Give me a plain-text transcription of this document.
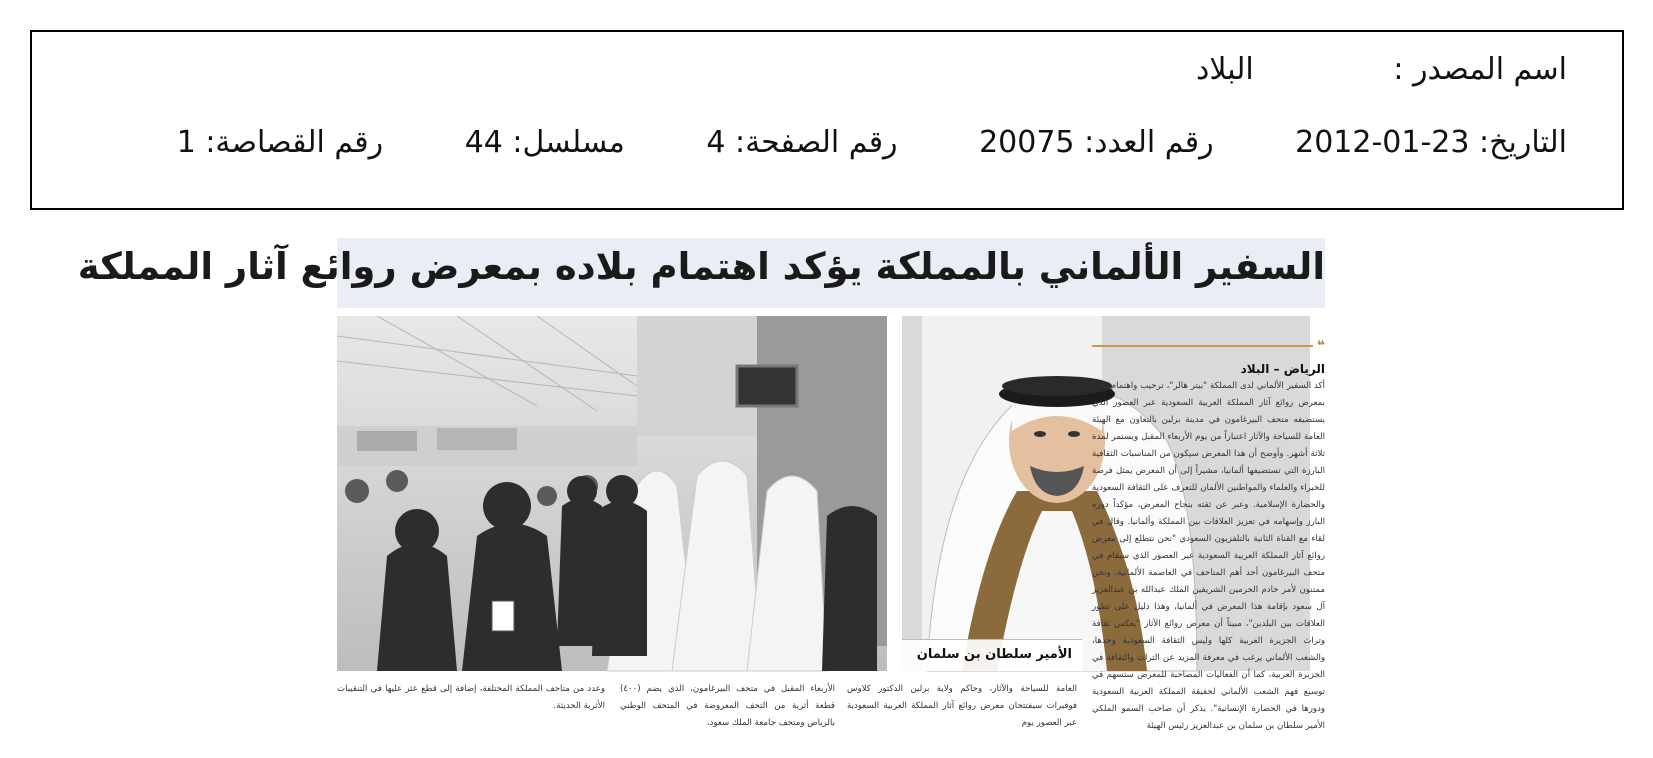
اسم المصدر : البلاد
التاريخ: 2012-01-23 رقم العدد: 20075 رقم الصفحة: 4 مسلسل: 44 رقم القصاصة: 1
السفير الألماني بالمملكة يؤكد اهتمام بلاده بمعرض روائع آثار المملكة
الأمير سلطان بن سلمان
❝
الرياض – البلاد
أكد السفير الألماني لدى المملكة "بيتر هالر"، ترحيب واهتمام بلاده بمعرض روائع آثار المملكة العربية السعودية عبر العصور الذي يستضيفه متحف البيرغامون في مدينة برلين بالتعاون مع الهيئة العامة للسياحة والآثار اعتباراً من يوم الأربعاء المقبل ويستمر لمدة ثلاثة أشهر. وأوضح أن هذا المعرض سيكون من المناسبات الثقافية البارزة التي تستضيفها ألمانيا، مشيراً إلى أن المعرض يمثل فرصة للخبراء والعلماء والمواطنين الألمان للتعرف على الثقافة السعودية والحضارة الإسلامية. وعبر عن ثقته بنجاح المعرض، مؤكداً دوره البارز وإسهامه في تعزيز العلاقات بين المملكة وألمانيا. وقال في لقاء مع القناة الثانية بالتلفزيون السعودي "نحن نتطلع إلى معرض روائع آثار المملكة العربية السعودية عبر العصور الذي سيقام في متحف البيرغامون أحد أهم المتاحف في العاصمة الألمانية. ونحن ممتنون لأمر خادم الحرمين الشريفين الملك عبدالله بن عبدالعزيز آل سعود بإقامة هذا المعرض في ألمانيا، وهذا دليل على تطور العلاقات بين البلدين"، مبيناً أن معرض روائع الآثار "يعكس ثقافة وتراث الجزيرة العربية كلها وليس الثقافة السعودية وحدها، والشعب الألماني يرغب في معرفة المزيد عن التراث والثقافة في الجزيرة العربية، كما أن الفعاليات المصاحبة للمعرض ستسهم في توسيع فهم الشعب الألماني لحقيقة المملكة العربية السعودية ودورها في الحضارة الإنسانية". يذكر أن صاحب السمو الملكي الأمير سلطان بن سلمان بن عبدالعزيز رئيس الهيئة
العامة للسياحة والآثار، وحاكم ولاية برلين الدكتور كلاوس فوفيرات سيفتتحان معرض روائع آثار المملكة العربية السعودية عبر العصور يوم
الأربعاء المقبل في متحف البيرغامون، الذي يضم (٤٠٠) قطعة أثرية من التحف المعروضة في المتحف الوطني بالرياض ومتحف جامعة الملك سعود،
وعدد من متاحف المملكة المختلفة، إضافة إلى قطع عثر عليها في التنقيبات الأثرية الحديثة.
